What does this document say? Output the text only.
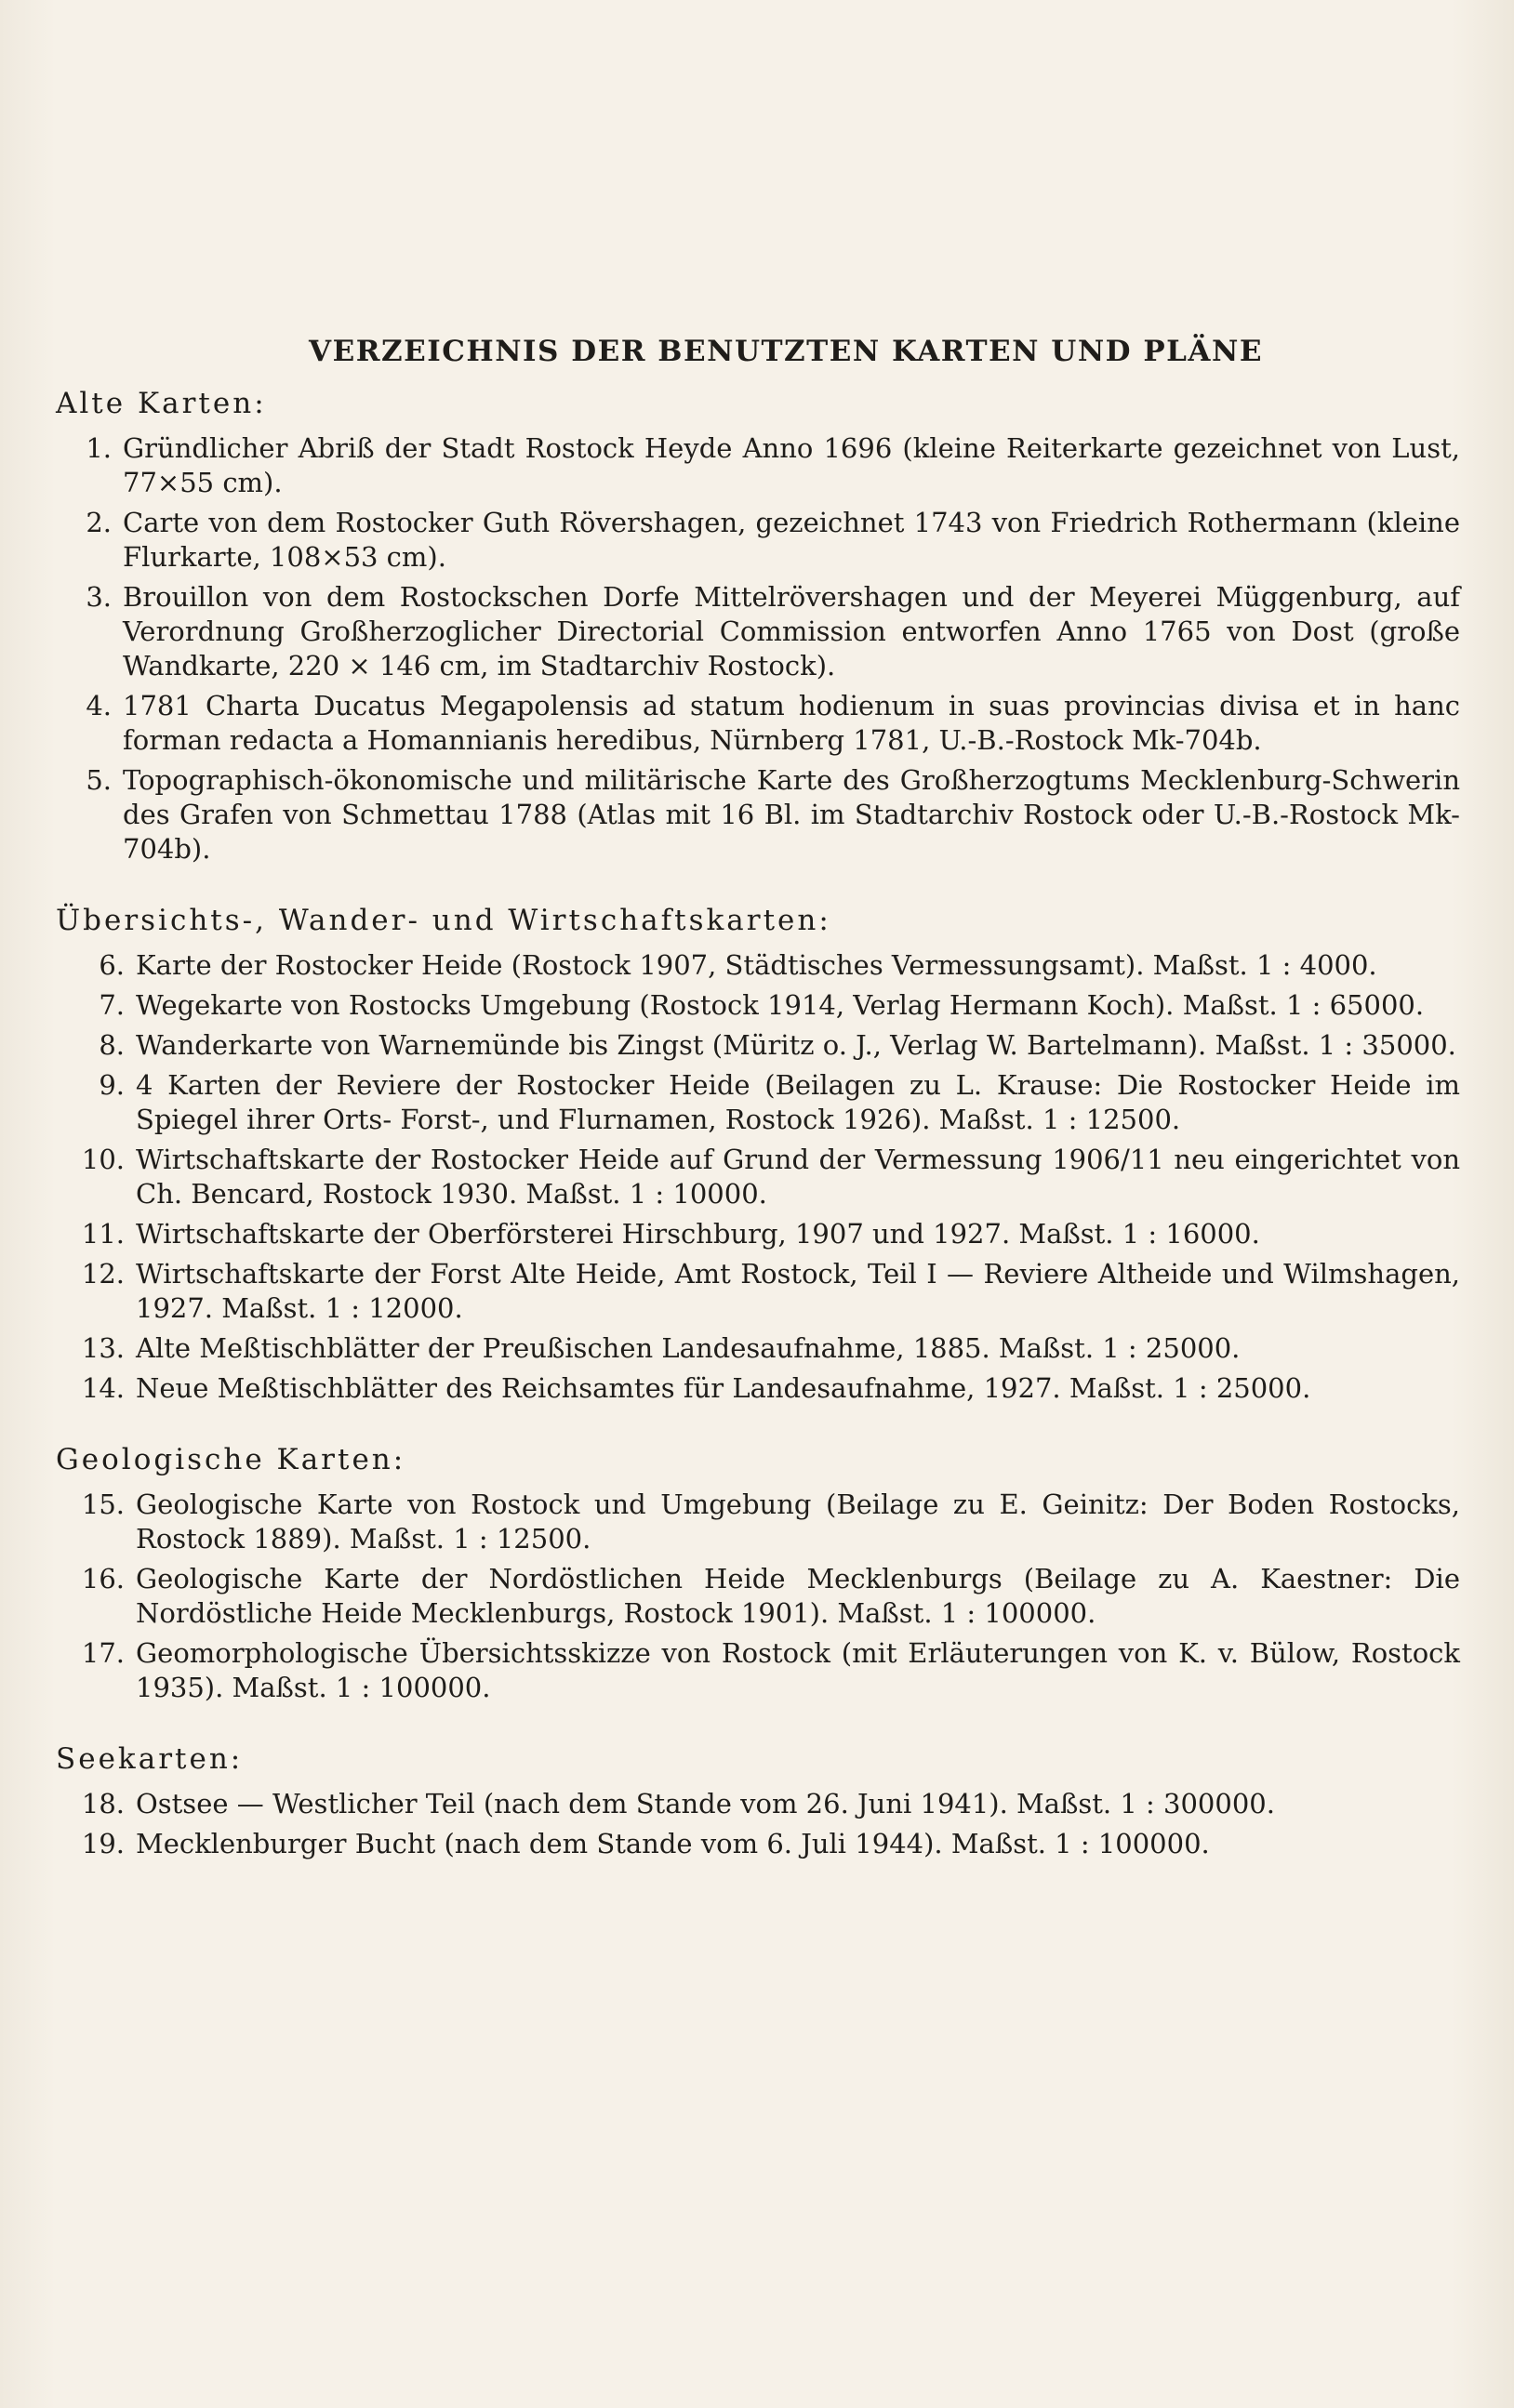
VERZEICHNIS DER BENUTZTEN KARTEN UND PLÄNE
Alte Karten:
1. Gründlicher Abriß der Stadt Rostock Heyde Anno 1696 (kleine Reiterkarte gezeichnet von Lust, 77×55 cm).
2. Carte von dem Rostocker Guth Rövershagen, gezeichnet 1743 von Friedrich Rothermann (kleine Flurkarte, 108×53 cm).
3. Brouillon von dem Rostockschen Dorfe Mittelrövershagen und der Meyerei Müggenburg, auf Verordnung Großherzoglicher Directorial Commission entworfen Anno 1765 von Dost (große Wandkarte, 220 × 146 cm, im Stadtarchiv Rostock).
4. 1781 Charta Ducatus Megapolensis ad statum hodienum in suas provincias divisa et in hanc forman redacta a Homannianis heredibus, Nürnberg 1781, U.-B.-Rostock Mk-704b.
5. Topographisch-ökonomische und militärische Karte des Großherzogtums Mecklenburg-Schwerin des Grafen von Schmettau 1788 (Atlas mit 16 Bl. im Stadtarchiv Rostock oder U.-B.-Rostock Mk-704b).
Übersichts-, Wander- und Wirtschaftskarten:
6. Karte der Rostocker Heide (Rostock 1907, Städtisches Vermessungsamt). Maßst. 1 : 4000.
7. Wegekarte von Rostocks Umgebung (Rostock 1914, Verlag Hermann Koch). Maßst. 1 : 65000.
8. Wanderkarte von Warnemünde bis Zingst (Müritz o. J., Verlag W. Bartelmann). Maßst. 1 : 35000.
9. 4 Karten der Reviere der Rostocker Heide (Beilagen zu L. Krause: Die Rostocker Heide im Spiegel ihrer Orts- Forst-, und Flurnamen, Rostock 1926). Maßst. 1 : 12500.
10. Wirtschaftskarte der Rostocker Heide auf Grund der Vermessung 1906/11 neu eingerichtet von Ch. Bencard, Rostock 1930. Maßst. 1 : 10000.
11. Wirtschaftskarte der Oberförsterei Hirschburg, 1907 und 1927. Maßst. 1 : 16000.
12. Wirtschaftskarte der Forst Alte Heide, Amt Rostock, Teil I — Reviere Altheide und Wilmshagen, 1927. Maßst. 1 : 12000.
13. Alte Meßtischblätter der Preußischen Landesaufnahme, 1885. Maßst. 1 : 25000.
14. Neue Meßtischblätter des Reichsamtes für Landesaufnahme, 1927. Maßst. 1 : 25000.
Geologische Karten:
15. Geologische Karte von Rostock und Umgebung (Beilage zu E. Geinitz: Der Boden Rostocks, Rostock 1889). Maßst. 1 : 12500.
16. Geologische Karte der Nordöstlichen Heide Mecklenburgs (Beilage zu A. Kaestner: Die Nordöstliche Heide Mecklenburgs, Rostock 1901). Maßst. 1 : 100000.
17. Geomorphologische Übersichtsskizze von Rostock (mit Erläuterungen von K. v. Bülow, Rostock 1935). Maßst. 1 : 100000.
Seekarten:
18. Ostsee — Westlicher Teil (nach dem Stande vom 26. Juni 1941). Maßst. 1 : 300000.
19. Mecklenburger Bucht (nach dem Stande vom 6. Juli 1944). Maßst. 1 : 100000.
